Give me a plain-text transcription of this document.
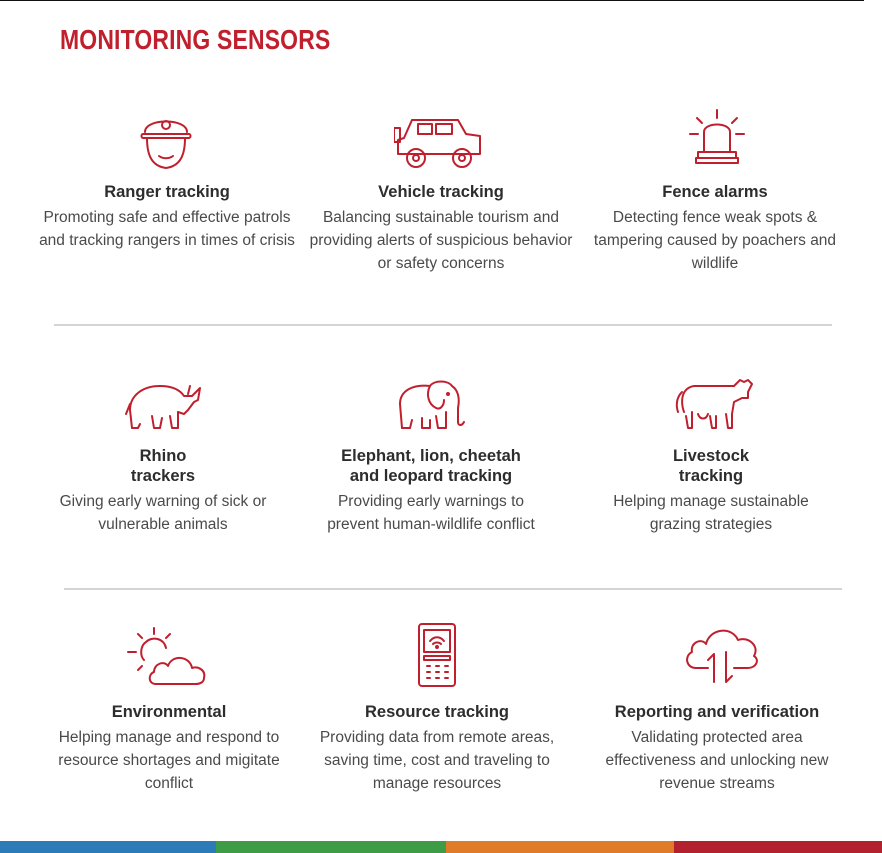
MONITORING SENSORS

Ranger tracking

Promoting safe and effective patrols and tracking rangers in times of crisis

Vehicle tracking

Balancing sustainable tourism and providing alerts of suspicious behavior or safety concerns

Fence alarms

Detecting fence weak spots & tampering caused by poachers and wildlife

Rhino trackers

Giving early warning of sick or vulnerable animals

Elephant, lion, cheetah and leopard tracking

Providing early warnings to prevent human-wildlife conflict

Livestock tracking

Helping manage sustainable grazing strategies

Environmental

Helping manage and respond to resource shortages and migitate conflict

Resource tracking

Providing data from remote areas, saving time, cost and traveling to manage resources

Reporting and verification

Validating protected area effectiveness and unlocking new revenue streams
